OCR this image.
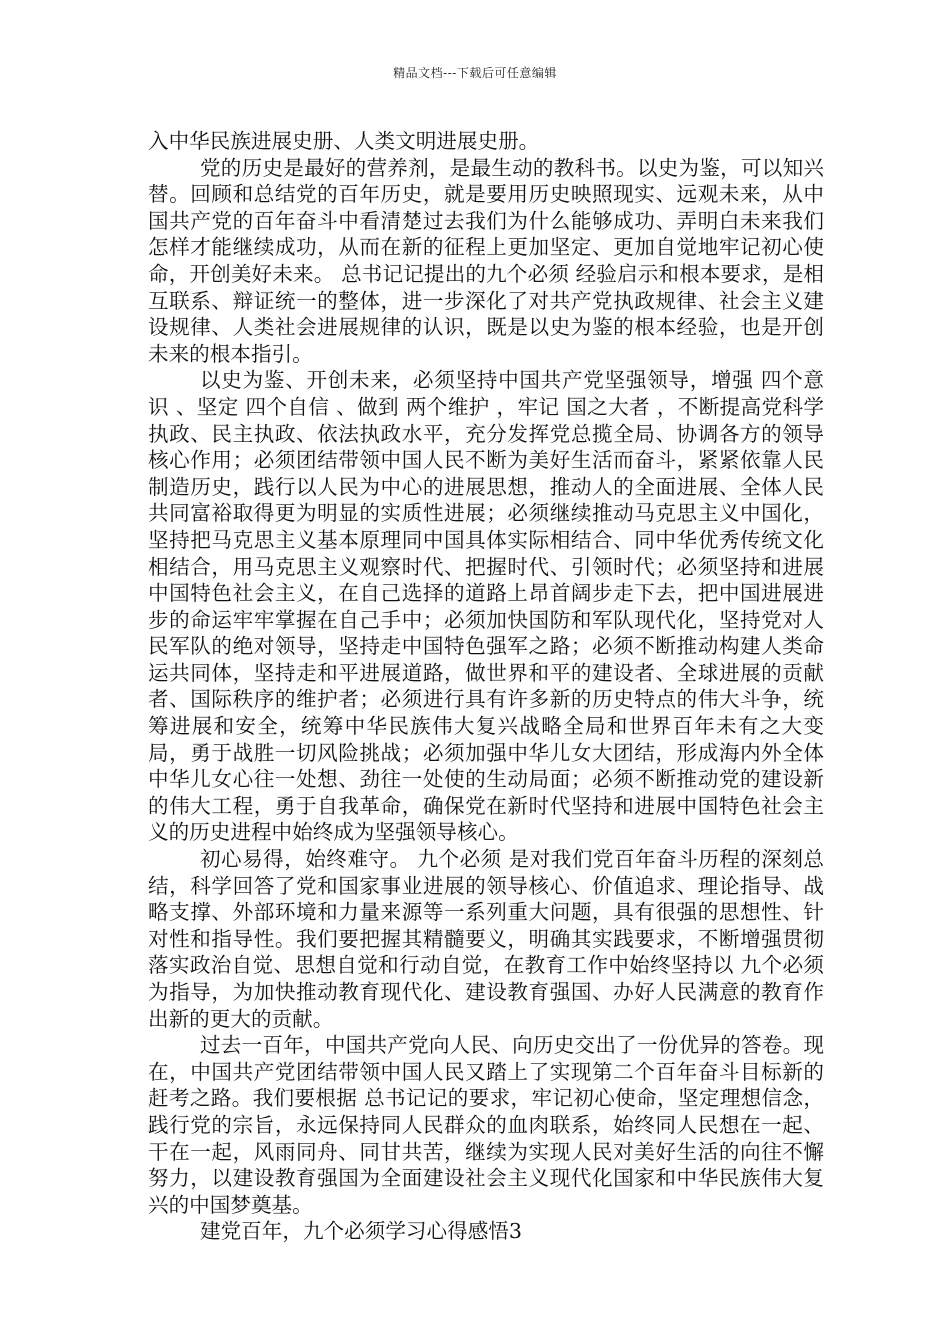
精品文档---下载后可任意编辑

入中华民族进展史册、人类文明进展史册。

党的历史是最好的营养剂，是最生动的教科书。以史为鉴，可以知兴替。回顾和总结党的百年历史，就是要用历史映照现实、远观未来，从中国共产党的百年奋斗中看清楚过去我们为什么能够成功、弄明白未来我们怎样才能继续成功，从而在新的征程上更加坚定、更加自觉地牢记初心使命，开创美好未来。 总书记记提出的九个必须 经验启示和根本要求，是相互联系、辩证统一的整体，进一步深化了对共产党执政规律、社会主义建设规律、人类社会进展规律的认识，既是以史为鉴的根本经验，也是开创未来的根本指引。

以史为鉴、开创未来，必须坚持中国共产党坚强领导，增强 四个意识 、坚定 四个自信 、做到 两个维护 ，牢记 国之大者 ，不断提高党科学执政、民主执政、依法执政水平，充分发挥党总揽全局、协调各方的领导核心作用；必须团结带领中国人民不断为美好生活而奋斗，紧紧依靠人民制造历史，践行以人民为中心的进展思想，推动人的全面进展、全体人民共同富裕取得更为明显的实质性进展；必须继续推动马克思主义中国化，坚持把马克思主义基本原理同中国具体实际相结合、同中华优秀传统文化相结合，用马克思主义观察时代、把握时代、引领时代；必须坚持和进展中国特色社会主义，在自己选择的道路上昂首阔步走下去，把中国进展进步的命运牢牢掌握在自己手中；必须加快国防和军队现代化，坚持党对人民军队的绝对领导，坚持走中国特色强军之路；必须不断推动构建人类命运共同体，坚持走和平进展道路，做世界和平的建设者、全球进展的贡献者、国际秩序的维护者；必须进行具有许多新的历史特点的伟大斗争，统筹进展和安全，统筹中华民族伟大复兴战略全局和世界百年未有之大变局，勇于战胜一切风险挑战；必须加强中华儿女大团结，形成海内外全体中华儿女心往一处想、劲往一处使的生动局面；必须不断推动党的建设新的伟大工程，勇于自我革命，确保党在新时代坚持和进展中国特色社会主义的历史进程中始终成为坚强领导核心。

初心易得，始终难守。 九个必须 是对我们党百年奋斗历程的深刻总结，科学回答了党和国家事业进展的领导核心、价值追求、理论指导、战略支撑、外部环境和力量来源等一系列重大问题，具有很强的思想性、针对性和指导性。我们要把握其精髓要义，明确其实践要求，不断增强贯彻落实政治自觉、思想自觉和行动自觉，在教育工作中始终坚持以 九个必须 为指导，为加快推动教育现代化、建设教育强国、办好人民满意的教育作出新的更大的贡献。

过去一百年，中国共产党向人民、向历史交出了一份优异的答卷。现在，中国共产党团结带领中国人民又踏上了实现第二个百年奋斗目标新的赶考之路。我们要根据 总书记记的要求，牢记初心使命，坚定理想信念，践行党的宗旨，永远保持同人民群众的血肉联系，始终同人民想在一起、干在一起，风雨同舟、同甘共苦，继续为实现人民对美好生活的向往不懈努力，以建设教育强国为全面建设社会主义现代化国家和中华民族伟大复兴的中国梦奠基。

建党百年，九个必须学习心得感悟3
